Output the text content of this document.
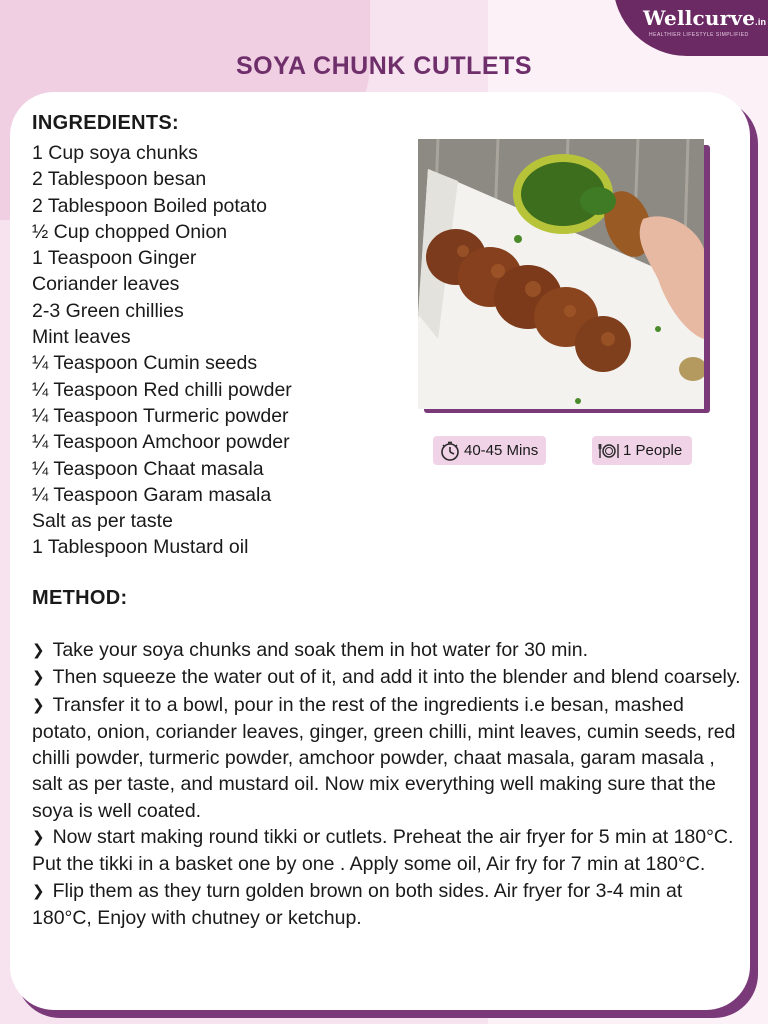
Wellcurve.in
HEALTHIER LIFESTYLE SIMPLIFIED
SOYA CHUNK CUTLETS
INGREDIENTS:
1 Cup soya chunks
2 Tablespoon besan
2 Tablespoon Boiled potato
½ Cup chopped Onion
1 Teaspoon Ginger
Coriander leaves
2-3 Green chillies
Mint leaves
¼ Teaspoon Cumin seeds
¼ Teaspoon Red chilli powder
¼ Teaspoon Turmeric powder
¼ Teaspoon Amchoor powder
¼ Teaspoon Chaat masala
¼ Teaspoon Garam masala
Salt as per taste
1 Tablespoon Mustard oil
40-45 Mins	1 People
METHOD:
❯ Take your soya chunks and soak them in hot water for 30 min.
❯ Then squeeze the water out of it, and add it into the blender and blend coarsely.
❯ Transfer it to a bowl, pour in the rest of the ingredients i.e besan, mashed potato, onion, coriander leaves, ginger, green chilli, mint leaves, cumin seeds, red chilli powder, turmeric powder, amchoor powder, chaat masala, garam masala , salt as per taste, and mustard oil. Now mix everything well making sure that the soya is well coated.
❯ Now start making round tikki or cutlets. Preheat the air fryer for 5 min at 180°C. Put the tikki in a basket one by one . Apply some oil, Air fry for 7 min at 180°C.
❯ Flip them as they turn golden brown on both sides. Air fryer for 3-4 min at 180°C, Enjoy with chutney or ketchup.
